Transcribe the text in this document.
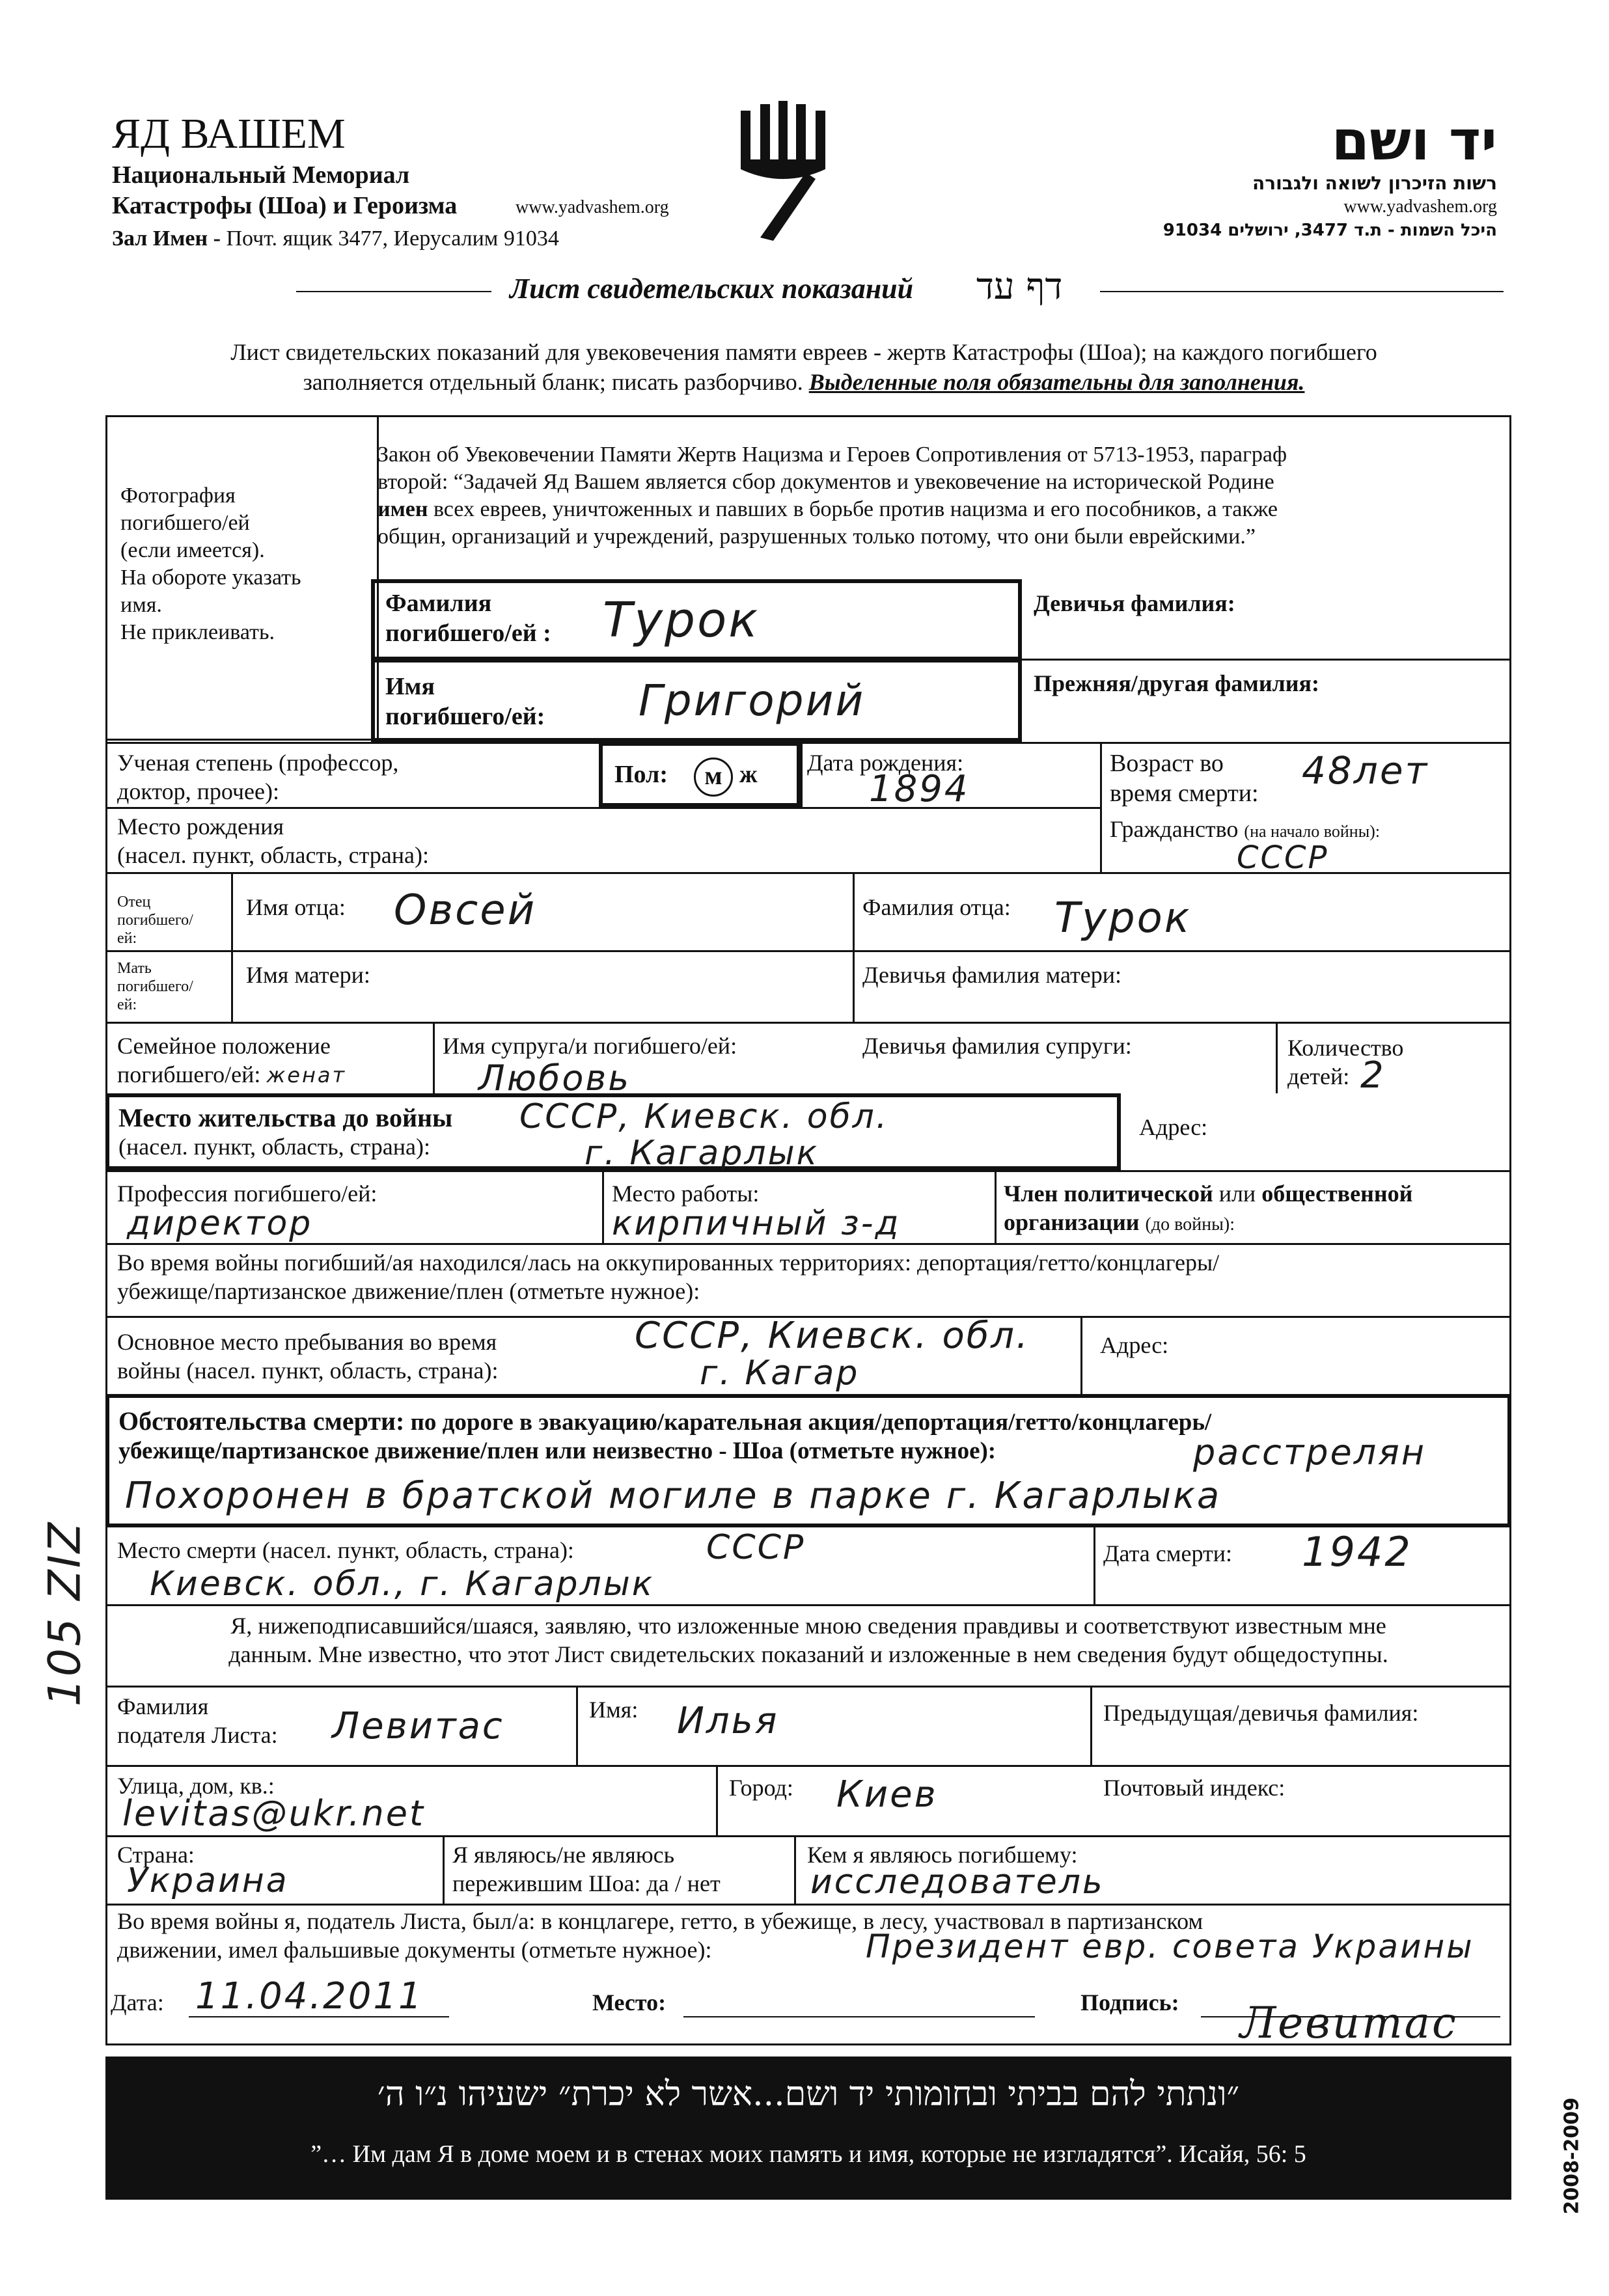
ЯД ВАШЕМ
Национальный Мемориал
Катастрофы (Шоа) и Героизма	www.yadvashem.org
Зал Имен - Почт. ящик 3477, Иерусалим 91034
יד ושם
רשות הזיכרון לשואה ולגבורה
www.yadvashem.org
היכל השמות - ת.ד 3477, ירושלים 91034
Лист свидетельских показаний דף עד
Лист свидетельских показаний для увековечения памяти евреев - жертв Катастрофы (Шоа); на каждого погибшего
заполняется отдельный бланк; писать разборчиво. Выделенные поля обязательны для заполнения.
Фотография
погибшего/ей
(если имеется).
На обороте указать
имя.
Не приклеивать.
Закон об Увековечении Памяти Жертв Нацизма и Героев Сопротивления от 5713-1953, параграф
второй: “Задачей Яд Вашем является сбор документов и увековечение на исторической Родине
имен всех евреев, уничтоженных и павших в борьбе против нацизма и его пособников, а также
общин, организаций и учреждений, разрушенных только потому, что они были еврейскими.”
Фамилия
погибшего/ей : Турок	Девичья фамилия:
Имя
погибшего/ей: Григорий	Прежняя/другая фамилия:
Ученая степень (профессор,
доктор, прочее):
Пол:	м ж Дата рождения:
1894
Возраст во
время смерти:
48лет
Место рождения
(насел. пункт, область, страна):
Гражданство (на начало войны):
СССР
Отец
погибшего/
ей:
Имя отца: Овсей	Фамилия отца: Турок
Мать
погибшего/
ей:
Имя матери:	Девичья фамилия матери:
Семейное положение
погибшего/ей: женат
Имя супруга/и погибшего/ей:
Любовь
Девичья фамилия супруги:	Количество
детей: 2
Место жительства до войны
(насел. пункт, область, страна):
СССР, Киевск. обл.
г. Кагарлык
Адрес:
Профессия погибшего/ей:
директор
Место работы:
кирпичный з-д
Член политической или общественной
организации (до войны):
Во время войны погибший/ая находился/лась на оккупированных территориях: депортация/гетто/концлагеры/
убежище/партизанское движение/плен (отметьте нужное):
Основное место пребывания во время
войны (насел. пункт, область, страна):
СССР, Киевск. обл.
г. Кагар
Адрес:
Обстоятельства смерти: по дороге в эвакуацию/карательная акция/депортация/гетто/концлагерь/
убежище/партизанское движение/плен или неизвестно - Шоа (отметьте нужное):	расстрелян
Похоронен в братской могиле в парке г. Кагарлыка
Место смерти (насел. пункт, область, страна):	СССР
Киевск. обл., г. Кагарлык
Дата смерти: 1942
Я, нижеподписавшийся/шаяся, заявляю, что изложенные мною сведения правдивы и соответствуют известным мне
данным. Мне известно, что этот Лист свидетельских показаний и изложенные в нем сведения будут общедоступны.
Фамилия
подателя Листа: Левитас	Имя: Илья	Предыдущая/девичья фамилия:
Улица, дом, кв.:
levitas@ukr.net
Город: Киев	Почтовый индекс:
Страна:
Украина
Я являюсь/не являюсь
пережившим Шоа: да / нет
Кем я являюсь погибшему:
исследователь
Во время войны я, податель Листа, был/а: в концлагере, гетто, в убежище, в лесу, участвовал в партизанском
движении, имел фальшивые документы (отметьте нужное):	Президент евр. совета Украины
Дата: 11.04.2011	Место:	Подпись: Левитас
״ונתתי להם בביתי ובחומותי יד ושם...אשר לא יכרת״ ישעיהו נ״ו ה׳
”… Им дам Я в доме моем и в стенах моих память и имя, которые не изгладятся”. Исайя, 56: 5
105 ZIZ
2008-2009
